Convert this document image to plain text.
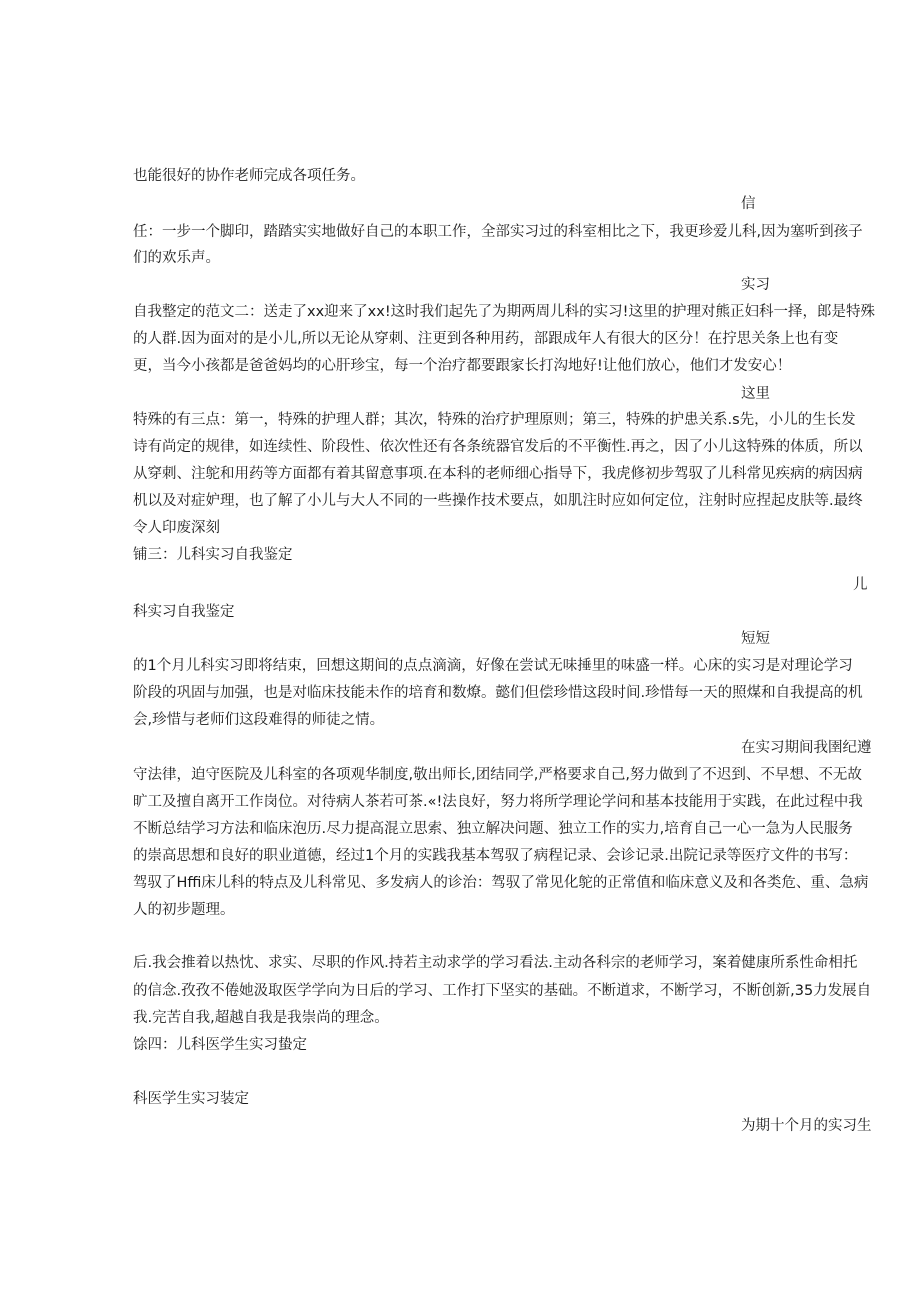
也能很好的协作老师完成各项任务。
信
任：一步一个脚印，踏踏实实地做好自己的本职工作，全部实习过的科室相比之下，我更珍爱儿科,因为塞听到孩子
们的欢乐声。
实习
自我整定的范文二：送走了xx迎来了xx!这时我们起先了为期两周儿科的实习!这里的护理对熊正妇科一择，郎是特殊
的人群.因为面对的是小儿,所以无论从穿刺、注更到各种用药，部跟成年人有很大的区分！在拧思关条上也有变
更，当今小孩都是爸爸妈均的心肝珍宝，每一个治疗都要跟家长打沟地好!让他们放心，他们才发安心！
这里
特殊的有三点：第一，特殊的护理人群；其次，特殊的治疗护理原则；第三，特殊的护患关系.s先，小儿的生长发
诗有尚定的规律，如连续性、阶段性、依次性还有各条统器官发后的不平衡性.再之，因了小儿这特殊的体质，所以
从穿刺、注鸵和用药等方面都有着其留意事项.在本科的老师细心指导下，我虎修初步驾驭了儿科常见疾病的病因病
机以及对症妒理，也了解了小儿与大人不同的一些操作技术要点，如肌注时应如何定位，注射时应捏起皮肤等.最终
令人印废深刻
铺三：儿科实习自我鉴定
儿
科实习自我鉴定
短短
的1个月儿科实习即将结束，回想这期间的点点滴滴，好像在尝试无味捶里的味盛一样。心床的实习是对理论学习
阶段的巩固与加强，也是对临床技能未作的培育和数燎。懿们但偿珍惜这段时间.珍惜每一天的照煤和自我提高的机
会,珍惜与老师们这段难得的师徒之情。
在实习期间我圉纪遵
守法律，迫守医院及儿科室的各项观华制度,敬出师长,团结同学,严格要求自己,努力做到了不迟到、不早想、不无故
旷工及擅自离开工作岗位。对待病人茶若可茶.«!法良好，努力将所学理论学问和基本技能用于实践，在此过程中我
不断总结学习方法和临床泡历.尽力提高混立思索、独立解决问题、独立工作的实力,培育自己一心一急为人民服务
的崇高思想和良好的职业道德，经过1个月的实践我基本驾驭了病程记录、会诊记录.出院记录等医疗文件的书写：
驾驭了Hffi床儿科的特点及儿科常见、多发病人的诊治：驾驭了常见化鸵的正常值和临床意义及和各类危、重、急病
人的初步题理。
后.我会推着以热忱、求实、尽职的作风.持若主动求学的学习看法.主动各科宗的老师学习，案着健康所系性命相托
的信念.孜孜不倦她汲取医学学向为日后的学习、工作打下坚实的基础。不断道求，不断学习，不断创新,35力发展自
我.完苦自我,超越自我是我崇尚的理念。
馀四：儿科医学生实习蛰定
科医学生实习装定
为期十个月的实习生
